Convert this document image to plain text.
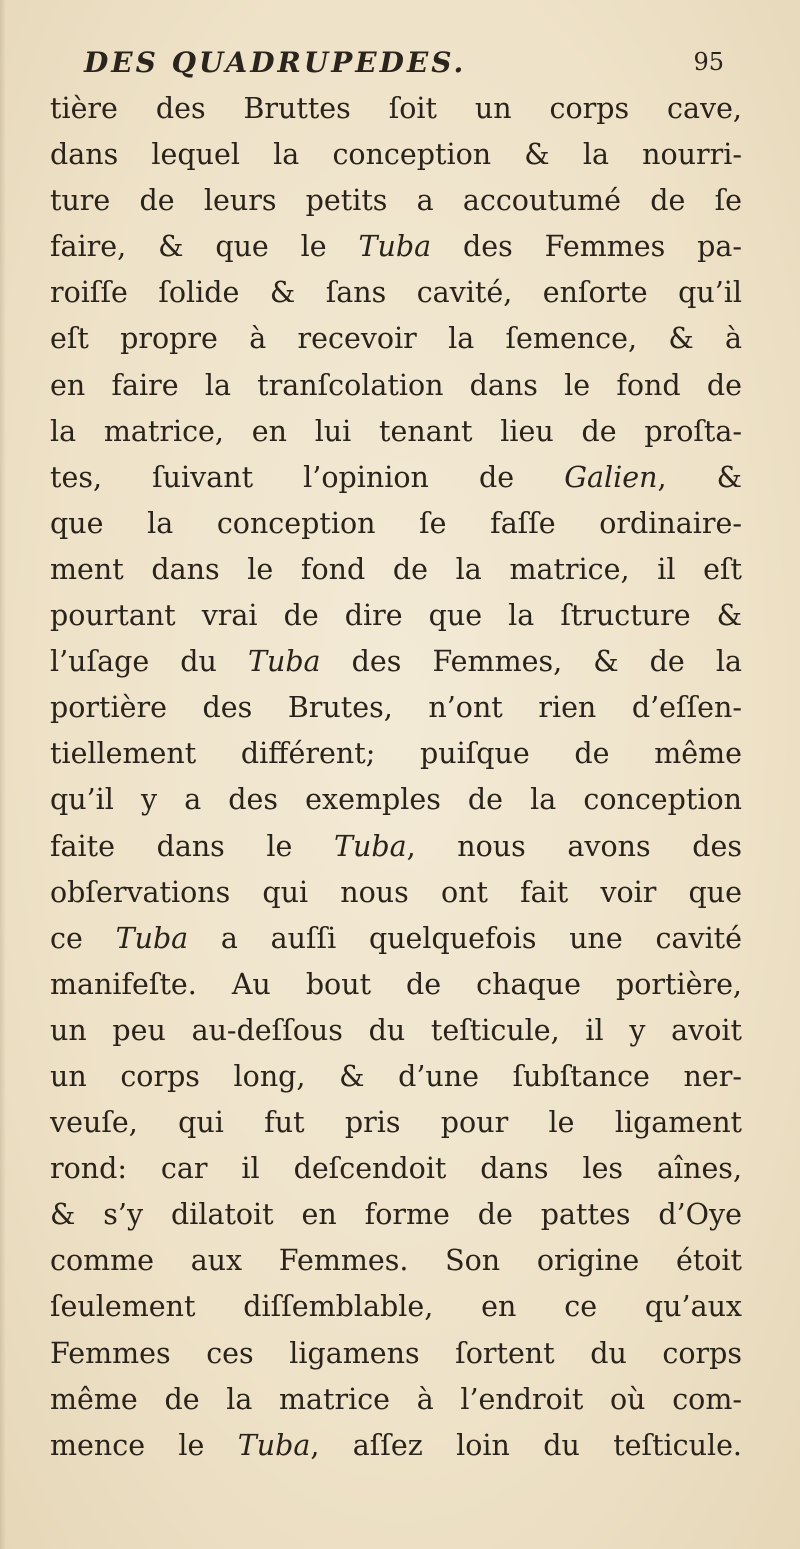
DES QUADRUPEDES.	95
tière des Bruttes ſoit un corps cave,
dans lequel la conception & la nourri-
ture de leurs petits a accoutumé de ſe
faire, & que le Tuba des Femmes pa-
roiſſe ſolide & ſans cavité, enſorte qu’il
eſt propre à recevoir la ſemence, & à
en faire la tranſcolation dans le fond de
la matrice, en lui tenant lieu de proſta-
tes, ſuivant l’opinion de Galien, &
que la conception ſe faſſe ordinaire-
ment dans le fond de la matrice, il eſt
pourtant vrai de dire que la ſtructure &
l’uſage du Tuba des Femmes, & de la
portière des Brutes, n’ont rien d’eſſen-
tiellement différent; puiſque de même
qu’il y a des exemples de la conception
faite dans le Tuba, nous avons des
obſervations qui nous ont fait voir que
ce Tuba a auſſi quelquefois une cavité
manifeſte. Au bout de chaque portière,
un peu au-deſſous du teſticule, il y avoit
un corps long, & d’une ſubſtance ner-
veuſe, qui fut pris pour le ligament
rond: car il deſcendoit dans les aînes,
& s’y dilatoit en forme de pattes d’Oye
comme aux Femmes. Son origine étoit
ſeulement diſſemblable, en ce qu’aux
Femmes ces ligamens ſortent du corps
même de la matrice à l’endroit où com-
mence le Tuba, aſſez loin du teſticule.
